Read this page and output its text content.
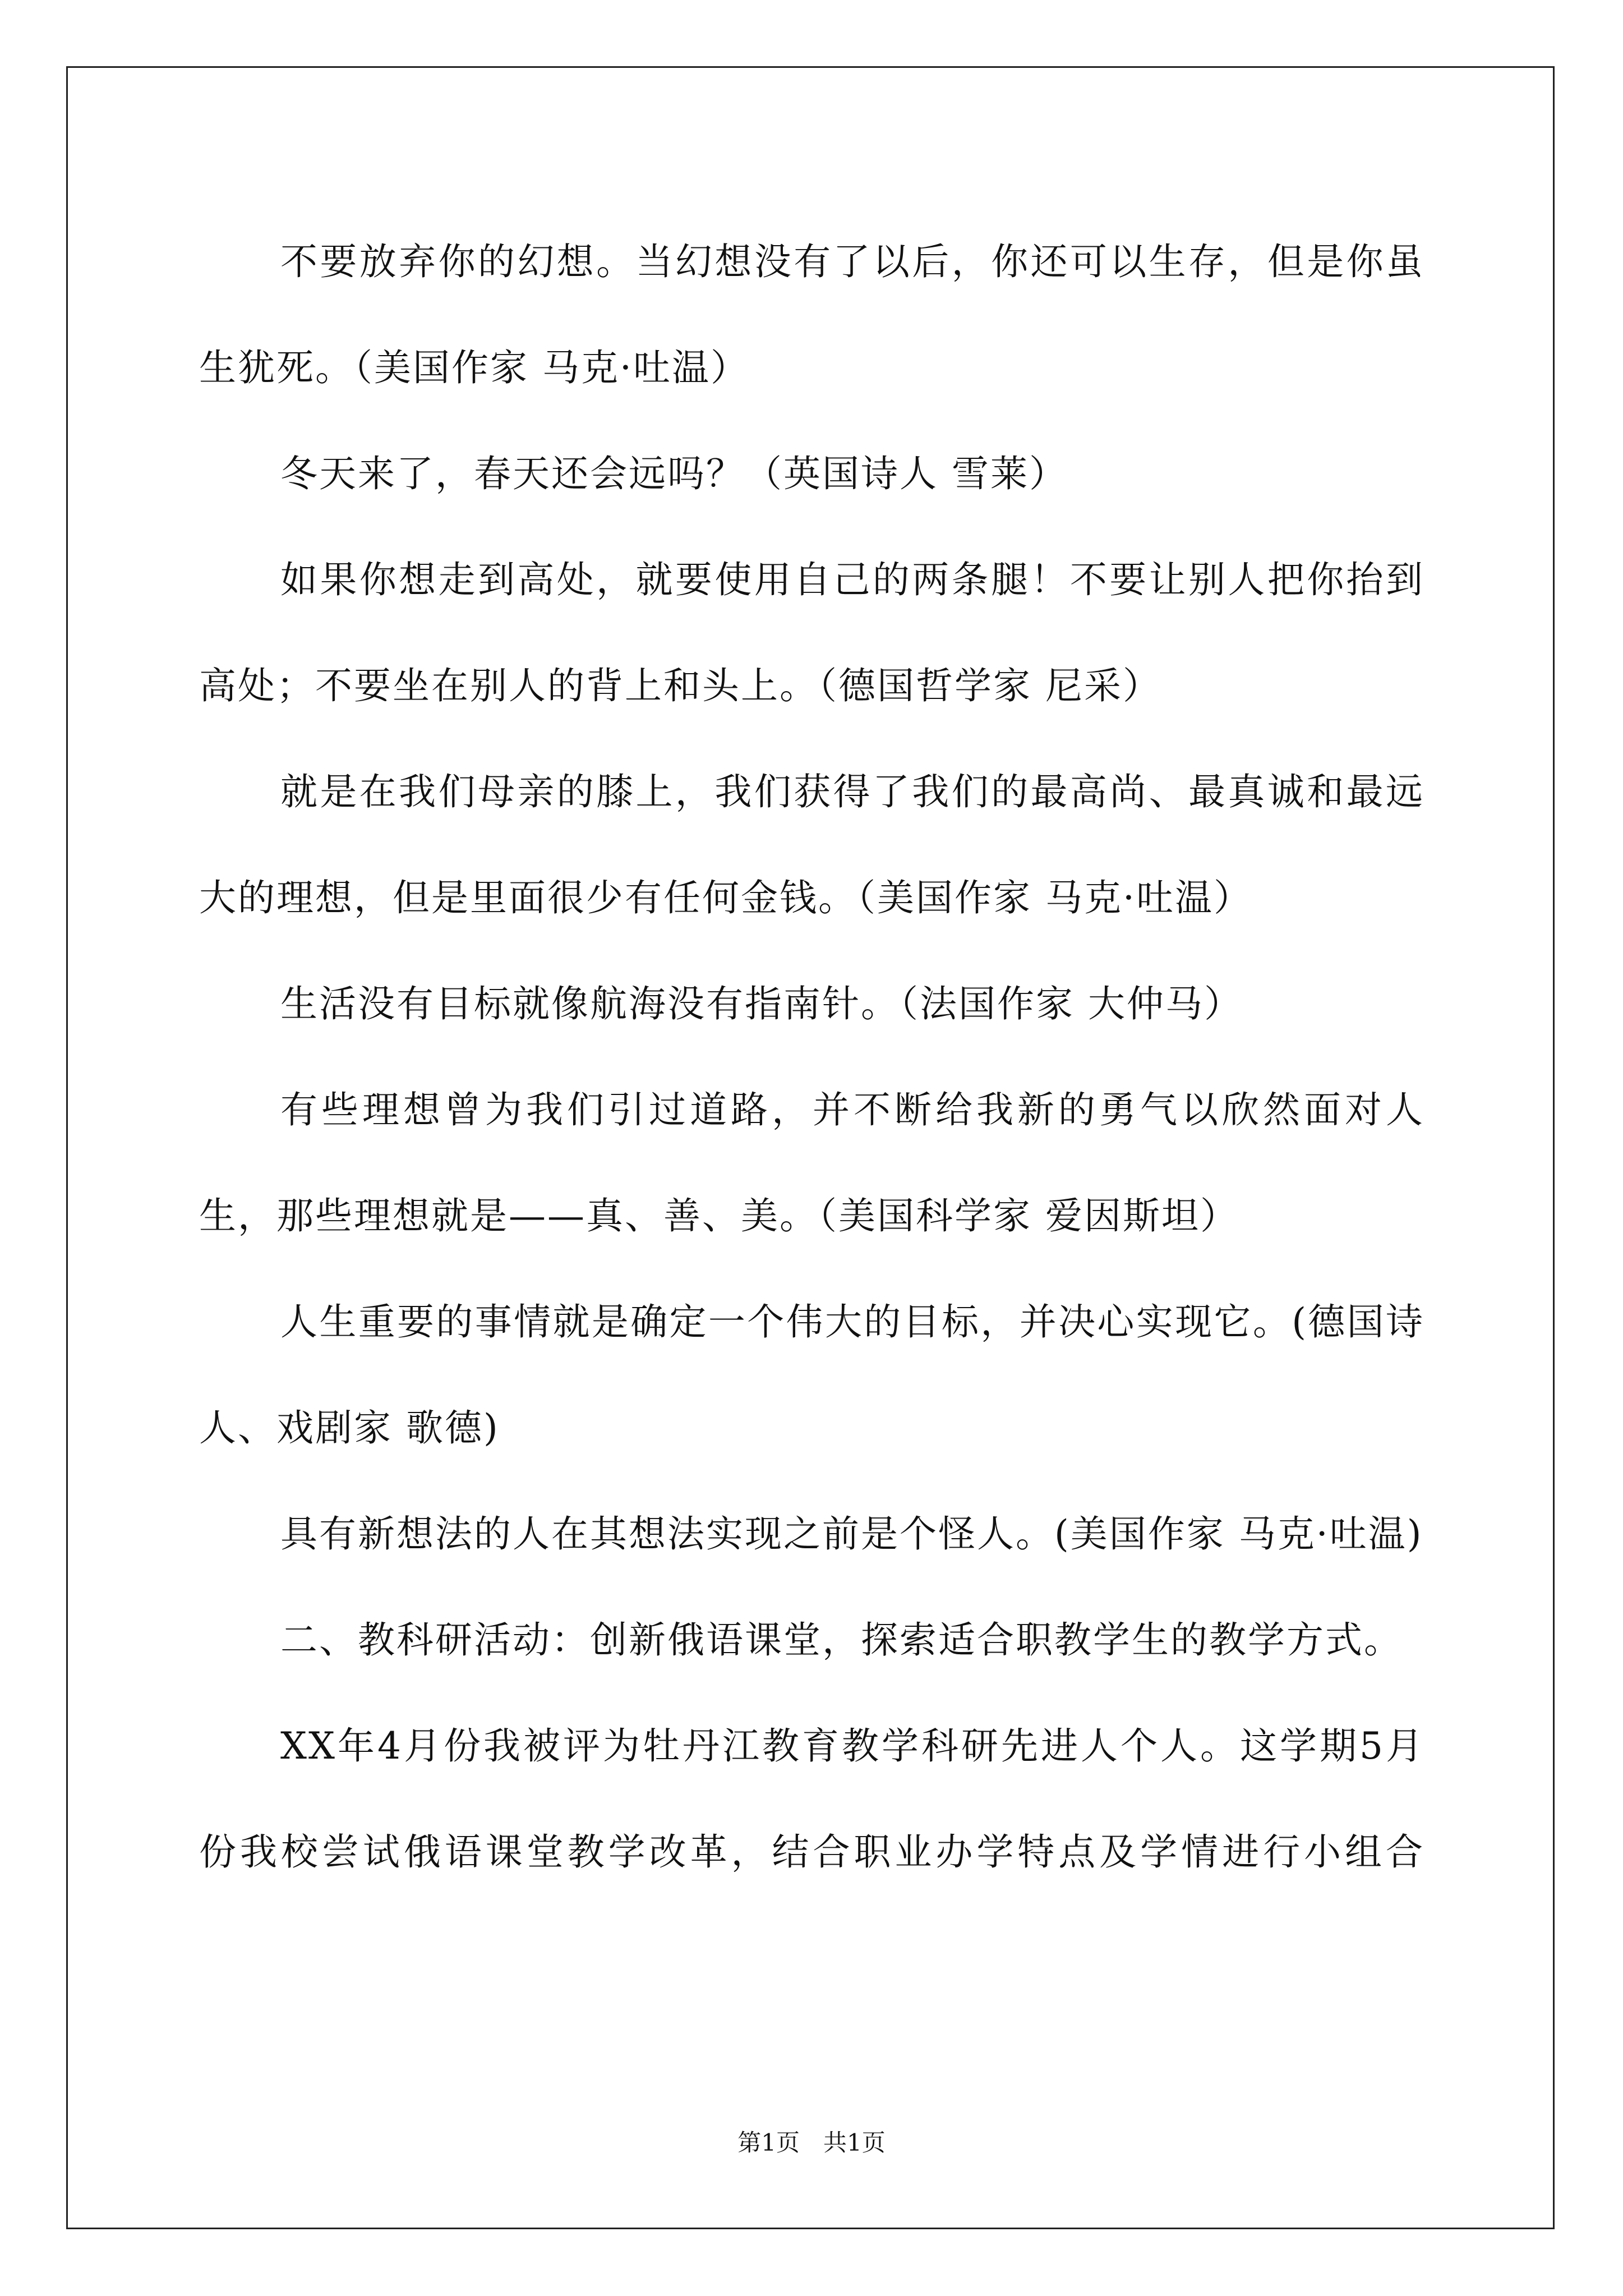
不要放弃你的幻想。当幻想没有了以后，你还可以生存，但是你虽生犹死。（美国作家 马克·吐温）

冬天来了，春天还会远吗？（英国诗人 雪莱）

如果你想走到高处，就要使用自己的两条腿！不要让别人把你抬到高处；不要坐在别人的背上和头上。（德国哲学家 尼采）

就是在我们母亲的膝上，我们获得了我们的最高尚、最真诚和最远大的理想，但是里面很少有任何金钱。（美国作家 马克·吐温）

生活没有目标就像航海没有指南针。（法国作家 大仲马）

有些理想曾为我们引过道路，并不断给我新的勇气以欣然面对人生，那些理想就是——真、善、美。（美国科学家 爱因斯坦）

人生重要的事情就是确定一个伟大的目标，并决心实现它。(德国诗人、戏剧家 歌德)

具有新想法的人在其想法实现之前是个怪人。(美国作家 马克·吐温)

二、教科研活动：创新俄语课堂，探索适合职教学生的教学方式。

XX年4月份我被评为牡丹江教育教学科研先进人个人。这学期5月份我校尝试俄语课堂教学改革，结合职业办学特点及学情进行小组合

第1页　共1页
